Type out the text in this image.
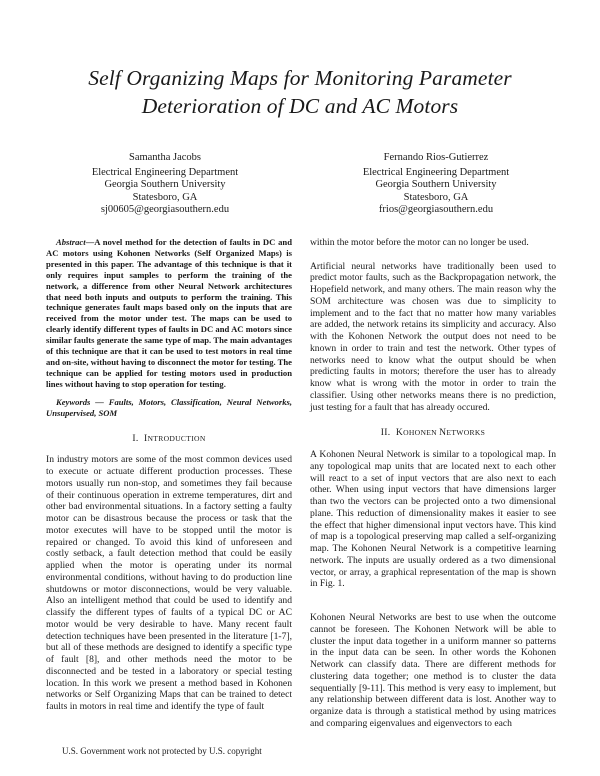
Self Organizing Maps for Monitoring Parameter
Deterioration of DC and AC Motors
Samantha Jacobs
Electrical Engineering Department
Georgia Southern University
Statesboro, GA
sj00605@georgiasouthern.edu
Fernando Rios-Gutierrez
Electrical Engineering Department
Georgia Southern University
Statesboro, GA
frios@georgiasouthern.edu

Abstract—A novel method for the detection of faults in DC and AC motors using Kohonen Networks (Self Organized Maps) is presented in this paper. The advantage of this technique is that it only requires input samples to perform the training of the network, a difference from other Neural Network architectures that need both inputs and outputs to perform the training. This technique generates fault maps based only on the inputs that are received from the motor under test. The maps can be used to clearly identify different types of faults in DC and AC motors since similar faults generate the same type of map. The main advantages of this technique are that it can be used to test motors in real time and on-site, without having to disconnect the motor for testing. The technique can be applied for testing motors used in production lines without having to stop operation for testing.

Keywords — Faults, Motors, Classification, Neural Networks, Unsupervised, SOM

I. INTRODUCTION

In industry motors are some of the most common devices used to execute or actuate different production processes. These motors usually run non-stop, and sometimes they fail because of their continuous operation in extreme temperatures, dirt and other bad environmental situations. In a factory setting a faulty motor can be disastrous because the process or task that the motor executes will have to be stopped until the motor is repaired or changed. To avoid this kind of unforeseen and costly setback, a fault detection method that could be easily applied when the motor is operating under its normal environmental conditions, without having to do production line shutdowns or motor disconnections, would be very valuable. Also an intelligent method that could be used to identify and classify the different types of faults of a typical DC or AC motor would be very desirable to have. Many recent fault detection techniques have been presented in the literature [1-7], but all of these methods are designed to identify a specific type of fault [8], and other methods need the motor to be disconnected and be tested in a laboratory or special testing location. In this work we present a method based in Kohonen networks or Self Organizing Maps that can be trained to detect faults in motors in real time and identify the type of fault

within the motor before the motor can no longer be used.

Artificial neural networks have traditionally been used to predict motor faults, such as the Backpropagation network, the Hopefield network, and many others. The main reason why the SOM architecture was chosen was due to simplicity to implement and to the fact that no matter how many variables are added, the network retains its simplicity and accuracy. Also with the Kohonen Network the output does not need to be known in order to train and test the network. Other types of networks need to know what the output should be when predicting faults in motors; therefore the user has to already know what is wrong with the motor in order to train the classifier. Using other networks means there is no prediction, just testing for a fault that has already occured.

II. KOHONEN NETWORKS

A Kohonen Neural Network is similar to a topological map. In any topological map units that are located next to each other will react to a set of input vectors that are also next to each other. When using input vectors that have dimensions larger than two the vectors can be projected onto a two dimensional plane. This reduction of dimensionality makes it easier to see the effect that higher dimensional input vectors have. This kind of map is a topological preserving map called a self-organizing map. The Kohonen Neural Network is a competitive learning network. The inputs are usually ordered as a two dimensional vector, or array, a graphical representation of the map is shown in Fig. 1.

Kohonen Neural Networks are best to use when the outcome cannot be foreseen. The Kohonen Network will be able to cluster the input data together in a uniform manner so patterns in the input data can be seen. In other words the Kohonen Network can classify data. There are different methods for clustering data together; one method is to cluster the data sequentially [9-11]. This method is very easy to implement, but any relationship between different data is lost. Another way to organize data is through a statistical method by using matrices and comparing eigenvalues and eigenvectors to each

U.S. Government work not protected by U.S. copyright
